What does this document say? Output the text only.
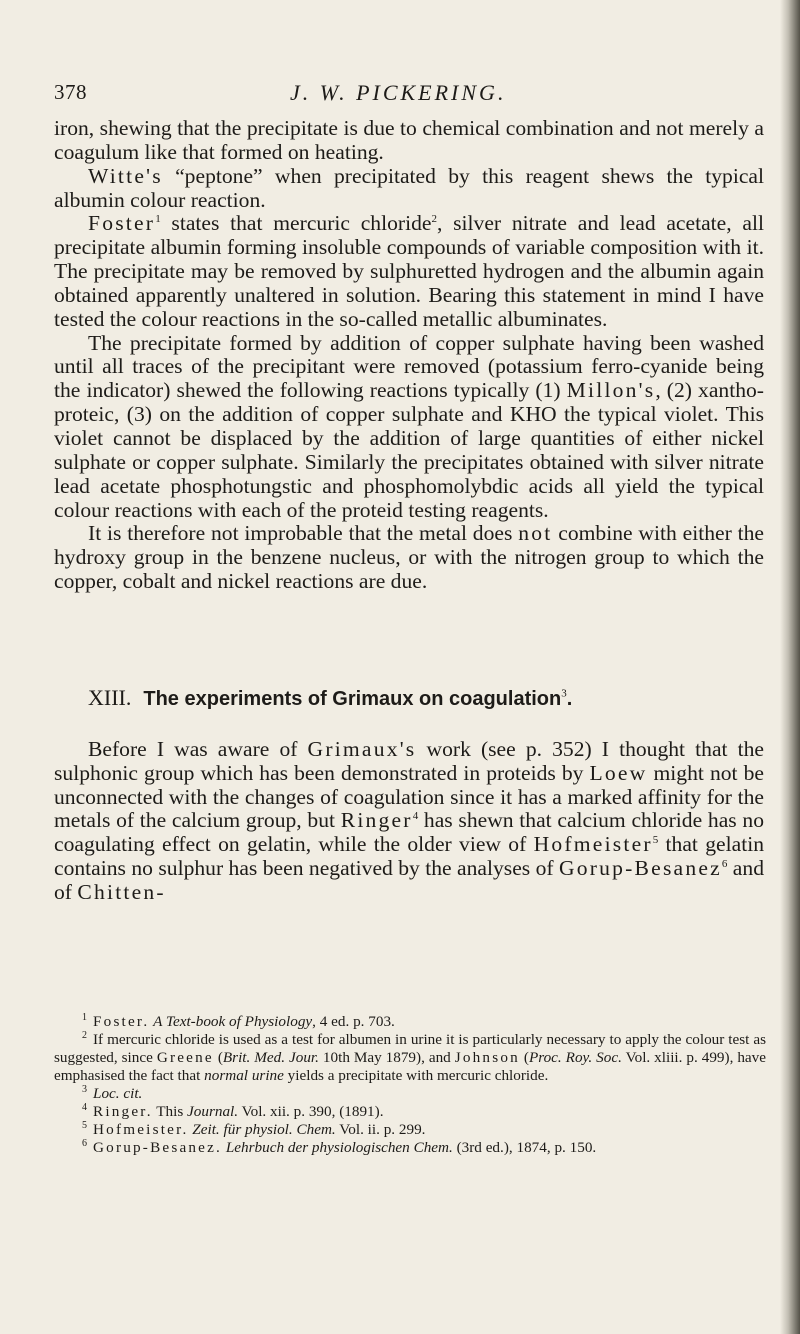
378	J. W. PICKERING.

iron, shewing that the precipitate is due to chemical combination and not merely a coagulum like that formed on heating.

Witte's “peptone” when precipitated by this reagent shews the typical albumin colour reaction.

Foster$^1$ states that mercuric chloride$^2$, silver nitrate and lead acetate, all precipitate albumin forming insoluble compounds of variable composition with it. The precipitate may be removed by sulphuretted hydrogen and the albumin again obtained apparently unaltered in solution. Bearing this statement in mind I have tested the colour reactions in the so-called metallic albuminates.

The precipitate formed by addition of copper sulphate having been washed until all traces of the precipitant were removed (potassium ferro-cyanide being the indicator) shewed the following reactions typically (1) Millon's, (2) xantho-proteic, (3) on the addition of copper sulphate and KHO the typical violet. This violet cannot be displaced by the addition of large quantities of either nickel sulphate or copper sulphate. Similarly the precipitates obtained with silver nitrate lead acetate phosphotungstic and phosphomolybdic acids all yield the typical colour reactions with each of the proteid testing reagents.

It is therefore not improbable that the metal does not combine with either the hydroxy group in the benzene nucleus, or with the nitrogen group to which the copper, cobalt and nickel reactions are due.

XIII. The experiments of Grimaux on coagulation$^3$.

Before I was aware of Grimaux's work (see p. 352) I thought that the sulphonic group which has been demonstrated in proteids by Loew might not be unconnected with the changes of coagulation since it has a marked affinity for the metals of the calcium group, but Ringer$^4$ has shewn that calcium chloride has no coagulating effect on gelatin, while the older view of Hofmeister$^5$ that gelatin contains no sulphur has been negatived by the analyses of Gorup-Besanez$^6$ and of Chitten-

$^1$ Foster. A Text-book of Physiology, 4 ed. p. 703.

$^2$ If mercuric chloride is used as a test for albumen in urine it is particularly necessary to apply the colour test as suggested, since Greene (Brit. Med. Jour. 10th May 1879), and Johnson (Proc. Roy. Soc. Vol. xliii. p. 499), have emphasised the fact that normal urine yields a precipitate with mercuric chloride.

$^3$ Loc. cit.

$^4$ Ringer. This Journal. Vol. xii. p. 390, (1891).

$^5$ Hofmeister. Zeit. für physiol. Chem. Vol. ii. p. 299.

$^6$ Gorup-Besanez. Lehrbuch der physiologischen Chem. (3rd ed.), 1874, p. 150.
